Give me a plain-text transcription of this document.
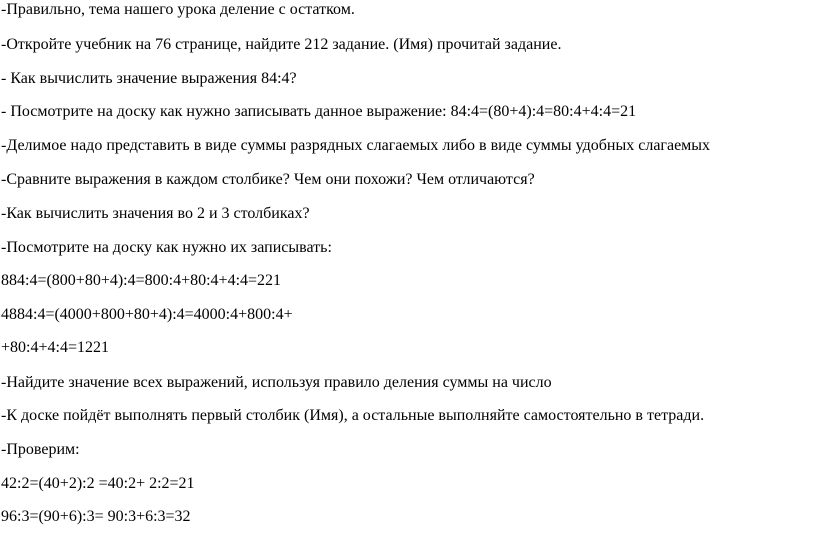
-Правильно, тема нашего урока деление с остатком.

-Откройте учебник на 76 странице, найдите 212 задание. (Имя) прочитай задание.

- Как вычислить значение выражения 84:4?

- Посмотрите на доску как нужно записывать данное выражение: 84:4=(80+4):4=80:4+4:4=21

-Делимое надо представить в виде суммы разрядных слагаемых либо в виде суммы удобных слагаемых

-Сравните выражения в каждом столбике? Чем они похожи? Чем отличаются?

-Как вычислить значения во 2 и 3 столбиках?

-Посмотрите на доску как нужно их записывать:

884:4=(800+80+4):4=800:4+80:4+4:4=221

4884:4=(4000+800+80+4):4=4000:4+800:4+

+80:4+4:4=1221

-Найдите значение всех выражений, используя правило деления суммы на число

-К доске пойдёт выполнять первый столбик (Имя), а остальные выполняйте самостоятельно в тетради.

-Проверим:

42:2=(40+2):2 =40:2+ 2:2=21

96:3=(90+6):3= 90:3+6:3=32
